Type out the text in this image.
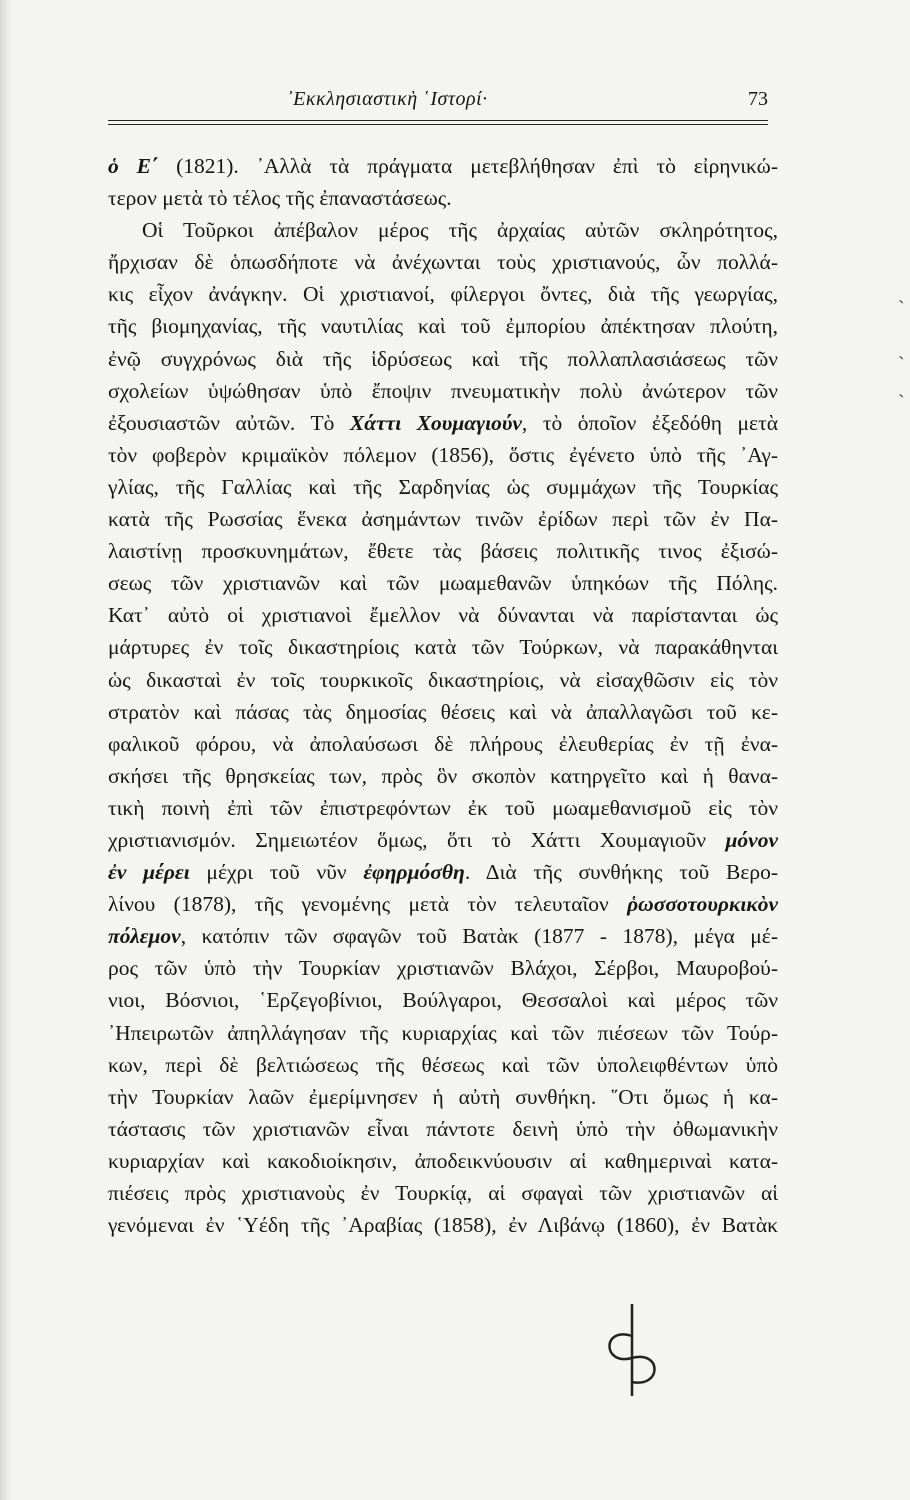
᾽Εκκλησιαστικὴ ῾Ιστορί·	73
ὁ Ε΄ (1821). ᾽Αλλὰ τὰ πράγματα μετεβλήθησαν ἐπὶ τὸ εἰρηνικώ-
τερον μετὰ τὸ τέλος τῆς ἐπαναστάσεως.
Οἱ Τοῦρκοι ἀπέβαλον μέρος τῆς ἀρχαίας αὐτῶν σκληρότητος,
ἤρχισαν δὲ ὁπωσδήποτε νὰ ἀνέχωνται τοὺς χριστιανούς, ὧν πολλά-
κις εἶχον ἀνάγκην. Οἱ χριστιανοί, φίλεργοι ὄντες, διὰ τῆς γεωργίας,
τῆς βιομηχανίας, τῆς ναυτιλίας καὶ τοῦ ἐμπορίου ἀπέκτησαν πλούτη,
ἐνῷ συγχρόνως διὰ τῆς ἱδρύσεως καὶ τῆς πολλαπλασιάσεως τῶν
σχολείων ὑψώθησαν ὑπὸ ἔποψιν πνευματικὴν πολὺ ἀνώτερον τῶν
ἐξουσιαστῶν αὐτῶν. Τὸ Χάττι Χουμαγιούν, τὸ ὁποῖον ἐξεδόθη μετὰ
τὸν φοβερὸν κριμαϊκὸν πόλεμον (1856), ὅστις ἐγένετο ὑπὸ τῆς ᾽Αγ-
γλίας, τῆς Γαλλίας καὶ τῆς Σαρδηνίας ὡς συμμάχων τῆς Τουρκίας
κατὰ τῆς Ρωσσίας ἕνεκα ἀσημάντων τινῶν ἐρίδων περὶ τῶν ἐν Πα-
λαιστίνῃ προσκυνημάτων, ἔθετε τὰς βάσεις πολιτικῆς τινος ἐξισώ-
σεως τῶν χριστιανῶν καὶ τῶν μωαμεθανῶν ὑπηκόων τῆς Πόλης.
Κατ᾽ αὐτὸ οἱ χριστιανοὶ ἔμελλον νὰ δύνανται νὰ παρίστανται ὡς
μάρτυρες ἐν τοῖς δικαστηρίοις κατὰ τῶν Τούρκων, νὰ παρακάθηνται
ὡς δικασταὶ ἐν τοῖς τουρκικοῖς δικαστηρίοις, νὰ εἰσαχθῶσιν εἰς τὸν
στρατὸν καὶ πάσας τὰς δημοσίας θέσεις καὶ νὰ ἀπαλλαγῶσι τοῦ κε-
φαλικοῦ φόρου, νὰ ἀπολαύσωσι δὲ πλήρους ἐλευθερίας ἐν τῇ ἐνα-
σκήσει τῆς θρησκείας των, πρὸς ὃν σκοπὸν κατηργεῖτο καὶ ἡ θανα-
τικὴ ποινὴ ἐπὶ τῶν ἐπιστρεφόντων ἐκ τοῦ μωαμεθανισμοῦ εἰς τὸν
χριστιανισμόν. Σημειωτέον ὅμως, ὅτι τὸ Χάττι Χουμαγιοῦν μόνον
ἐν μέρει μέχρι τοῦ νῦν ἐφηρμόσθη. Διὰ τῆς συνθήκης τοῦ Βερο-
λίνου (1878), τῆς γενομένης μετὰ τὸν τελευταῖον ῥωσσοτουρκικὸν
πόλεμον, κατόπιν τῶν σφαγῶν τοῦ Βατὰκ (1877 - 1878), μέγα μέ-
ρος τῶν ὑπὸ τὴν Τουρκίαν χριστιανῶν Βλάχοι, Σέρβοι, Μαυροβού-
νιοι, Βόσνιοι, ῾Ερζεγοβίνιοι, Βούλγαροι, Θεσσαλοὶ καὶ μέρος τῶν
᾽Ηπειρωτῶν ἀπηλλάγησαν τῆς κυριαρχίας καὶ τῶν πιέσεων τῶν Τούρ-
κων, περὶ δὲ βελτιώσεως τῆς θέσεως καὶ τῶν ὑπολειφθέντων ὑπὸ
τὴν Τουρκίαν λαῶν ἐμερίμνησεν ἡ αὐτὴ συνθήκη. ῞Οτι ὅμως ἡ κα-
τάστασις τῶν χριστιανῶν εἶναι πάντοτε δεινὴ ὑπὸ τὴν ὀθωμανικὴν
κυριαρχίαν καὶ κακοδιοίκησιν, ἀποδεικνύουσιν αἱ καθημεριναὶ κατα-
πιέσεις πρὸς χριστιανοὺς ἐν Τουρκίᾳ, αἱ σφαγαὶ τῶν χριστιανῶν αἱ
γενόμεναι ἐν ῾Υέδη τῆς ᾽Αραβίας (1858), ἐν Λιβάνῳ (1860), ἐν Βατὰκ
ˎ
ˎ
ˎ
